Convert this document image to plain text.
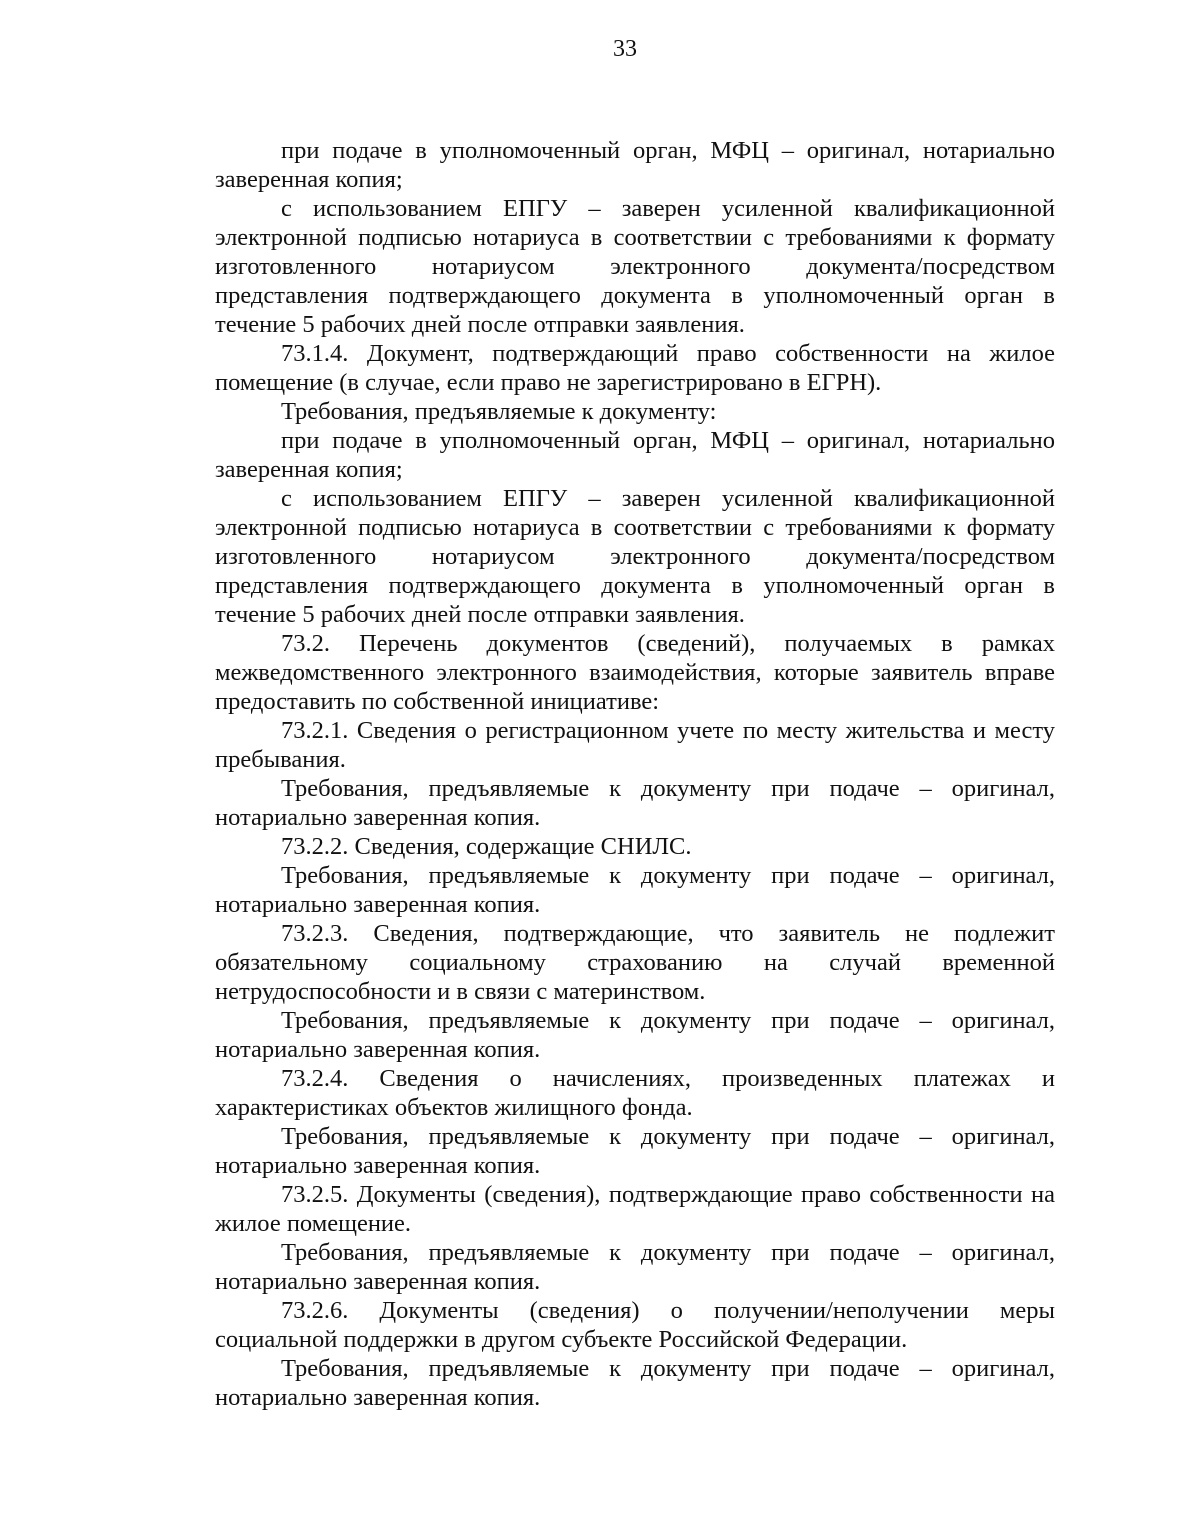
33

при подаче в уполномоченный орган, МФЦ – оригинал, нотариально заверенная копия;

с использованием ЕПГУ – заверен усиленной квалификационной электронной подписью нотариуса в соответствии с требованиями к формату изготовленного нотариусом электронного документа/посредством представления подтверждающего документа в уполномоченный орган в течение 5 рабочих дней после отправки заявления.

73.1.4. Документ, подтверждающий право собственности на жилое помещение (в случае, если право не зарегистрировано в ЕГРН).

Требования, предъявляемые к документу:

при подаче в уполномоченный орган, МФЦ – оригинал, нотариально заверенная копия;

с использованием ЕПГУ – заверен усиленной квалификационной электронной подписью нотариуса в соответствии с требованиями к формату изготовленного нотариусом электронного документа/посредством представления подтверждающего документа в уполномоченный орган в течение 5 рабочих дней после отправки заявления.

73.2. Перечень документов (сведений), получаемых в рамках межведомственного электронного взаимодействия, которые заявитель вправе предоставить по собственной инициативе:

73.2.1. Сведения о регистрационном учете по месту жительства и месту пребывания.

Требования, предъявляемые к документу при подаче – оригинал, нотариально заверенная копия.

73.2.2. Сведения, содержащие СНИЛС.

Требования, предъявляемые к документу при подаче – оригинал, нотариально заверенная копия.

73.2.3. Сведения, подтверждающие, что заявитель не подлежит обязательному социальному страхованию на случай временной нетрудоспособности и в связи с материнством.

Требования, предъявляемые к документу при подаче – оригинал, нотариально заверенная копия.

73.2.4. Сведения о начислениях, произведенных платежах и характеристиках объектов жилищного фонда.

Требования, предъявляемые к документу при подаче – оригинал, нотариально заверенная копия.

73.2.5. Документы (сведения), подтверждающие право собственности на жилое помещение.

Требования, предъявляемые к документу при подаче – оригинал, нотариально заверенная копия.

73.2.6. Документы (сведения) о получении/неполучении меры социальной поддержки в другом субъекте Российской Федерации.

Требования, предъявляемые к документу при подаче – оригинал, нотариально заверенная копия.
